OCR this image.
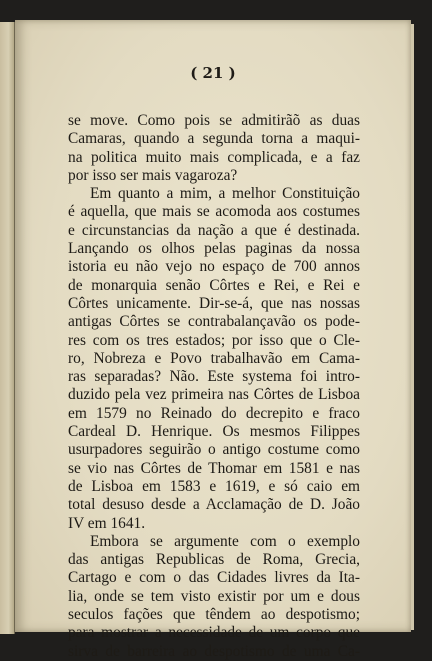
( 21 )
se move. Como pois se admitirãõ as duas
Camaras, quando a segunda torna a maqui-
na politica muito mais complicada, e a faz
por isso ser mais vagaroza?
Em quanto a mim, a melhor Constituição
é aquella, que mais se acomoda aos costumes
e circunstancias da nação a que é destinada.
Lançando os olhos pelas paginas da nossa
istoria eu não vejo no espaço de 700 annos
de monarquia senão Côrtes e Rei, e Rei e
Côrtes unicamente. Dir-se-á, que nas nossas
antigas Côrtes se contrabalançavão os pode-
res com os tres estados; por isso que o Cle-
ro, Nobreza e Povo trabalhavão em Cama-
ras separadas? Não. Este systema foi intro-
duzido pela vez primeira nas Côrtes de Lisboa
em 1579 no Reinado do decrepito e fraco
Cardeal D. Henrique. Os mesmos Filippes
usurpadores seguirão o antigo costume como
se vio nas Côrtes de Thomar em 1581 e nas
de Lisboa em 1583 e 1619, e só caio em
total desuso desde a Acclamação de D. João
IV em 1641.
Embora se argumente com o exemplo
das antigas Republicas de Roma, Grecia,
Cartago e com o das Cidades livres da Ita-
lia, onde se tem visto existir por um e dous
seculos fações que têndem ao despotismo;
para mostrar a necessidade de um corpo que
sirva de barreira ao despotismo de uma Ca-
